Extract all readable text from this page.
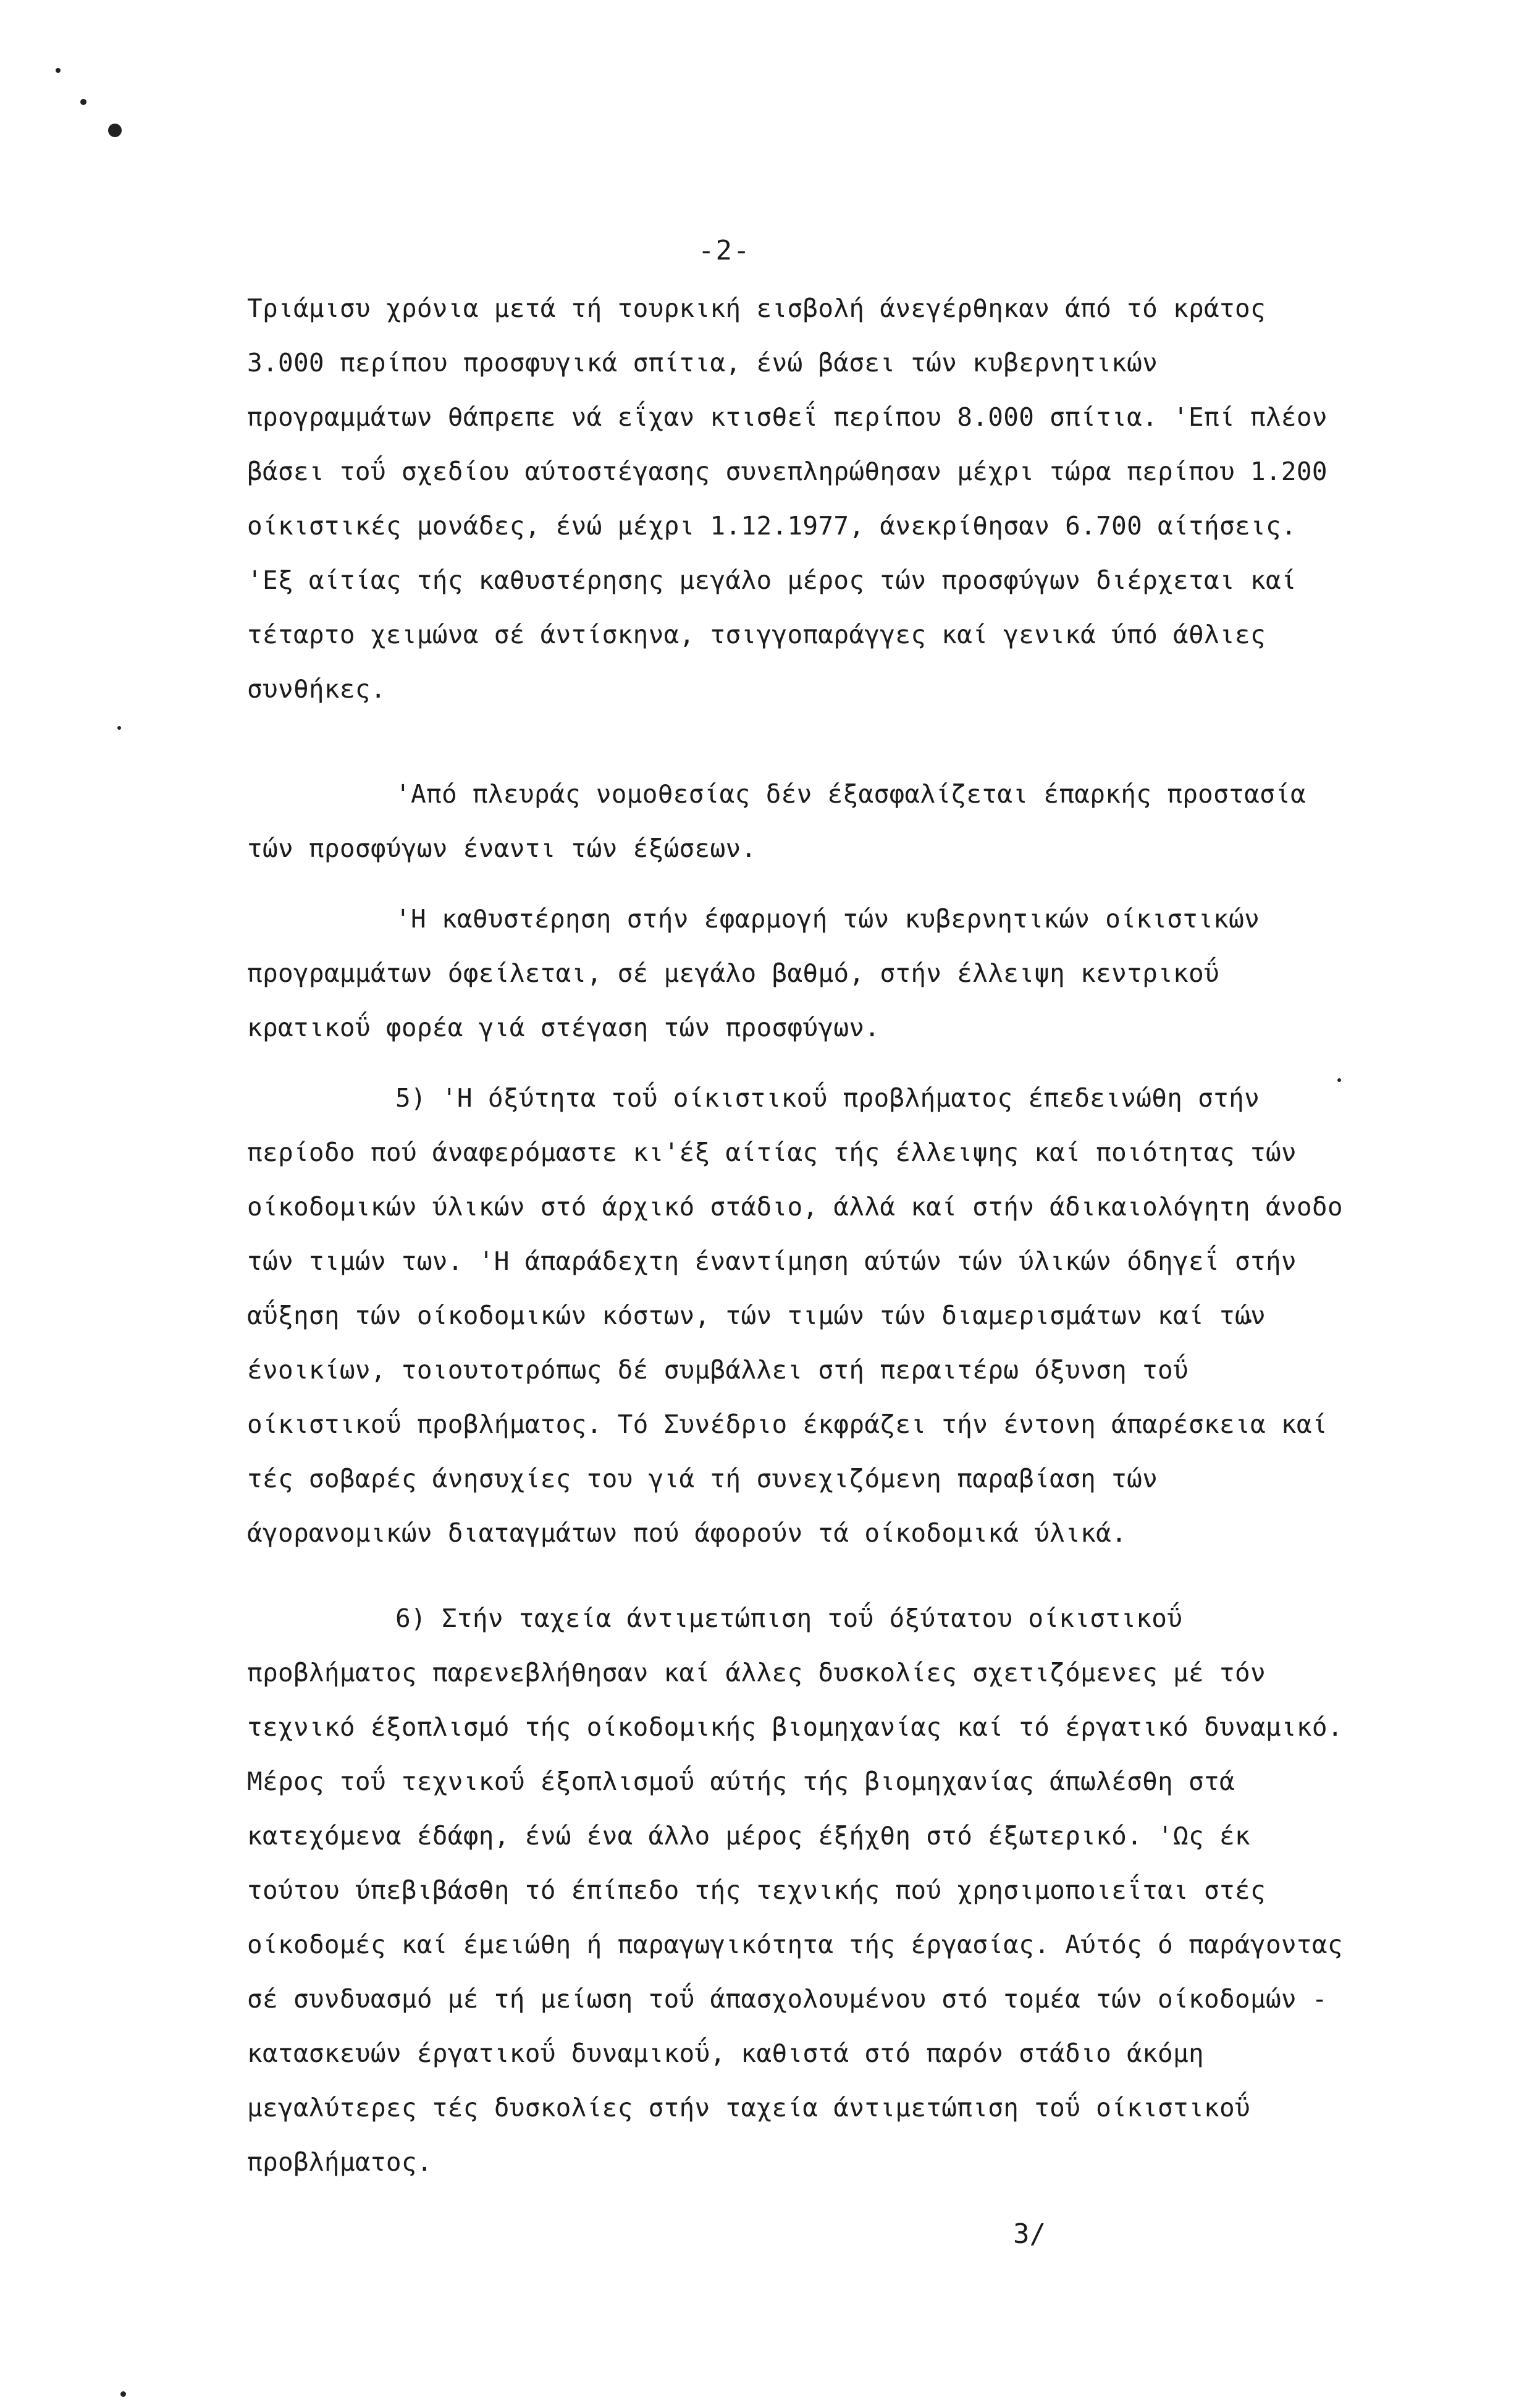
-2-

Τριάμισυ χρόνια μετά τή τουρκική εισβολή άνεγέρθηκαν άπό τό κράτος 3.000 περίπου προσφυγικά σπίτια, ένώ βάσει τών κυβερνητικών προγραμμάτων θάπρεπε νά εΐχαν κτισθεΐ περίπου 8.000 σπίτια. 'Επί πλέον βάσει τοΰ σχεδίου αύτοστέγασης συνεπληρώθησαν μέχρι τώρα περίπου 1.200 οίκιστικές μονάδες, ένώ μέχρι 1.12.1977, άνεκρίθησαν 6.700 αίτήσεις. 'Εξ αίτίας τής καθυστέρησης μεγάλο μέρος τών προσφύγων διέρχεται καί τέταρτο χειμώνα σέ άντίσκηνα, τσιγγοπαράγγες καί γενικά ύπό άθλιες συνθήκες.

'Από πλευράς νομοθεσίας δέν έξασφαλίζεται έπαρκής προστασία τών προσφύγων έναντι τών έξώσεων.

'Η καθυστέρηση στήν έφαρμογή τών κυβερνητικών οίκιστικών προγραμμάτων όφείλεται, σέ μεγάλο βαθμό, στήν έλλειψη κεντρικοΰ κρατικοΰ φορέα γιά στέγαση τών προσφύγων.

5) 'Η όξύτητα τοΰ οίκιστικοΰ προβλήματος έπεδεινώθη στήν περίοδο πού άναφερόμαστε κι'έξ αίτίας τής έλλειψης καί ποιότητας τών οίκοδομικών ύλικών στό άρχικό στάδιο, άλλά καί στήν άδικαιολόγητη άνοδο τών τιμών των. 'Η άπαράδεχτη έναντίμηση αύτών τών ύλικών όδηγεΐ στήν αΰξηση τών οίκοδομικών κόστων, τών τιμών τών διαμερισμάτων καί τών ένοικίων, τοιουτοτρόπως δέ συμβάλλει στή περαιτέρω όξυνση τοΰ οίκιστικοΰ προβλήματος. Τό Συνέδριο έκφράζει τήν έντονη άπαρέσκεια καί τές σοβαρές άνησυχίες του γιά τή συνεχιζόμενη παραβίαση τών άγορανομικών διαταγμάτων πού άφορούν τά οίκοδομικά ύλικά.

6) Στήν ταχεία άντιμετώπιση τοΰ όξύτατου οίκιστικοΰ προβλήματος παρενεβλήθησαν καί άλλες δυσκολίες σχετιζόμενες μέ τόν τεχνικό έξοπλισμό τής οίκοδομικής βιομηχανίας καί τό έργατικό δυναμικό. Μέρος τοΰ τεχνικοΰ έξοπλισμοΰ αύτής τής βιομηχανίας άπωλέσθη στά κατεχόμενα έδάφη, ένώ ένα άλλο μέρος έξήχθη στό έξωτερικό. 'Ως έκ τούτου ύπεβιβάσθη τό έπίπεδο τής τεχνικής πού χρησιμοποιεΐται στές οίκοδομές καί έμειώθη ή παραγωγικότητα τής έργασίας. Αύτός ό παράγοντας σέ συνδυασμό μέ τή μείωση τοΰ άπασχολουμένου στό τομέα τών οίκοδομών - κατασκευών έργατικοΰ δυναμικοΰ, καθιστά στό παρόν στάδιο άκόμη μεγαλύτερες τές δυσκολίες στήν ταχεία άντιμετώπιση τοΰ οίκιστικοΰ προβλήματος.

3/
